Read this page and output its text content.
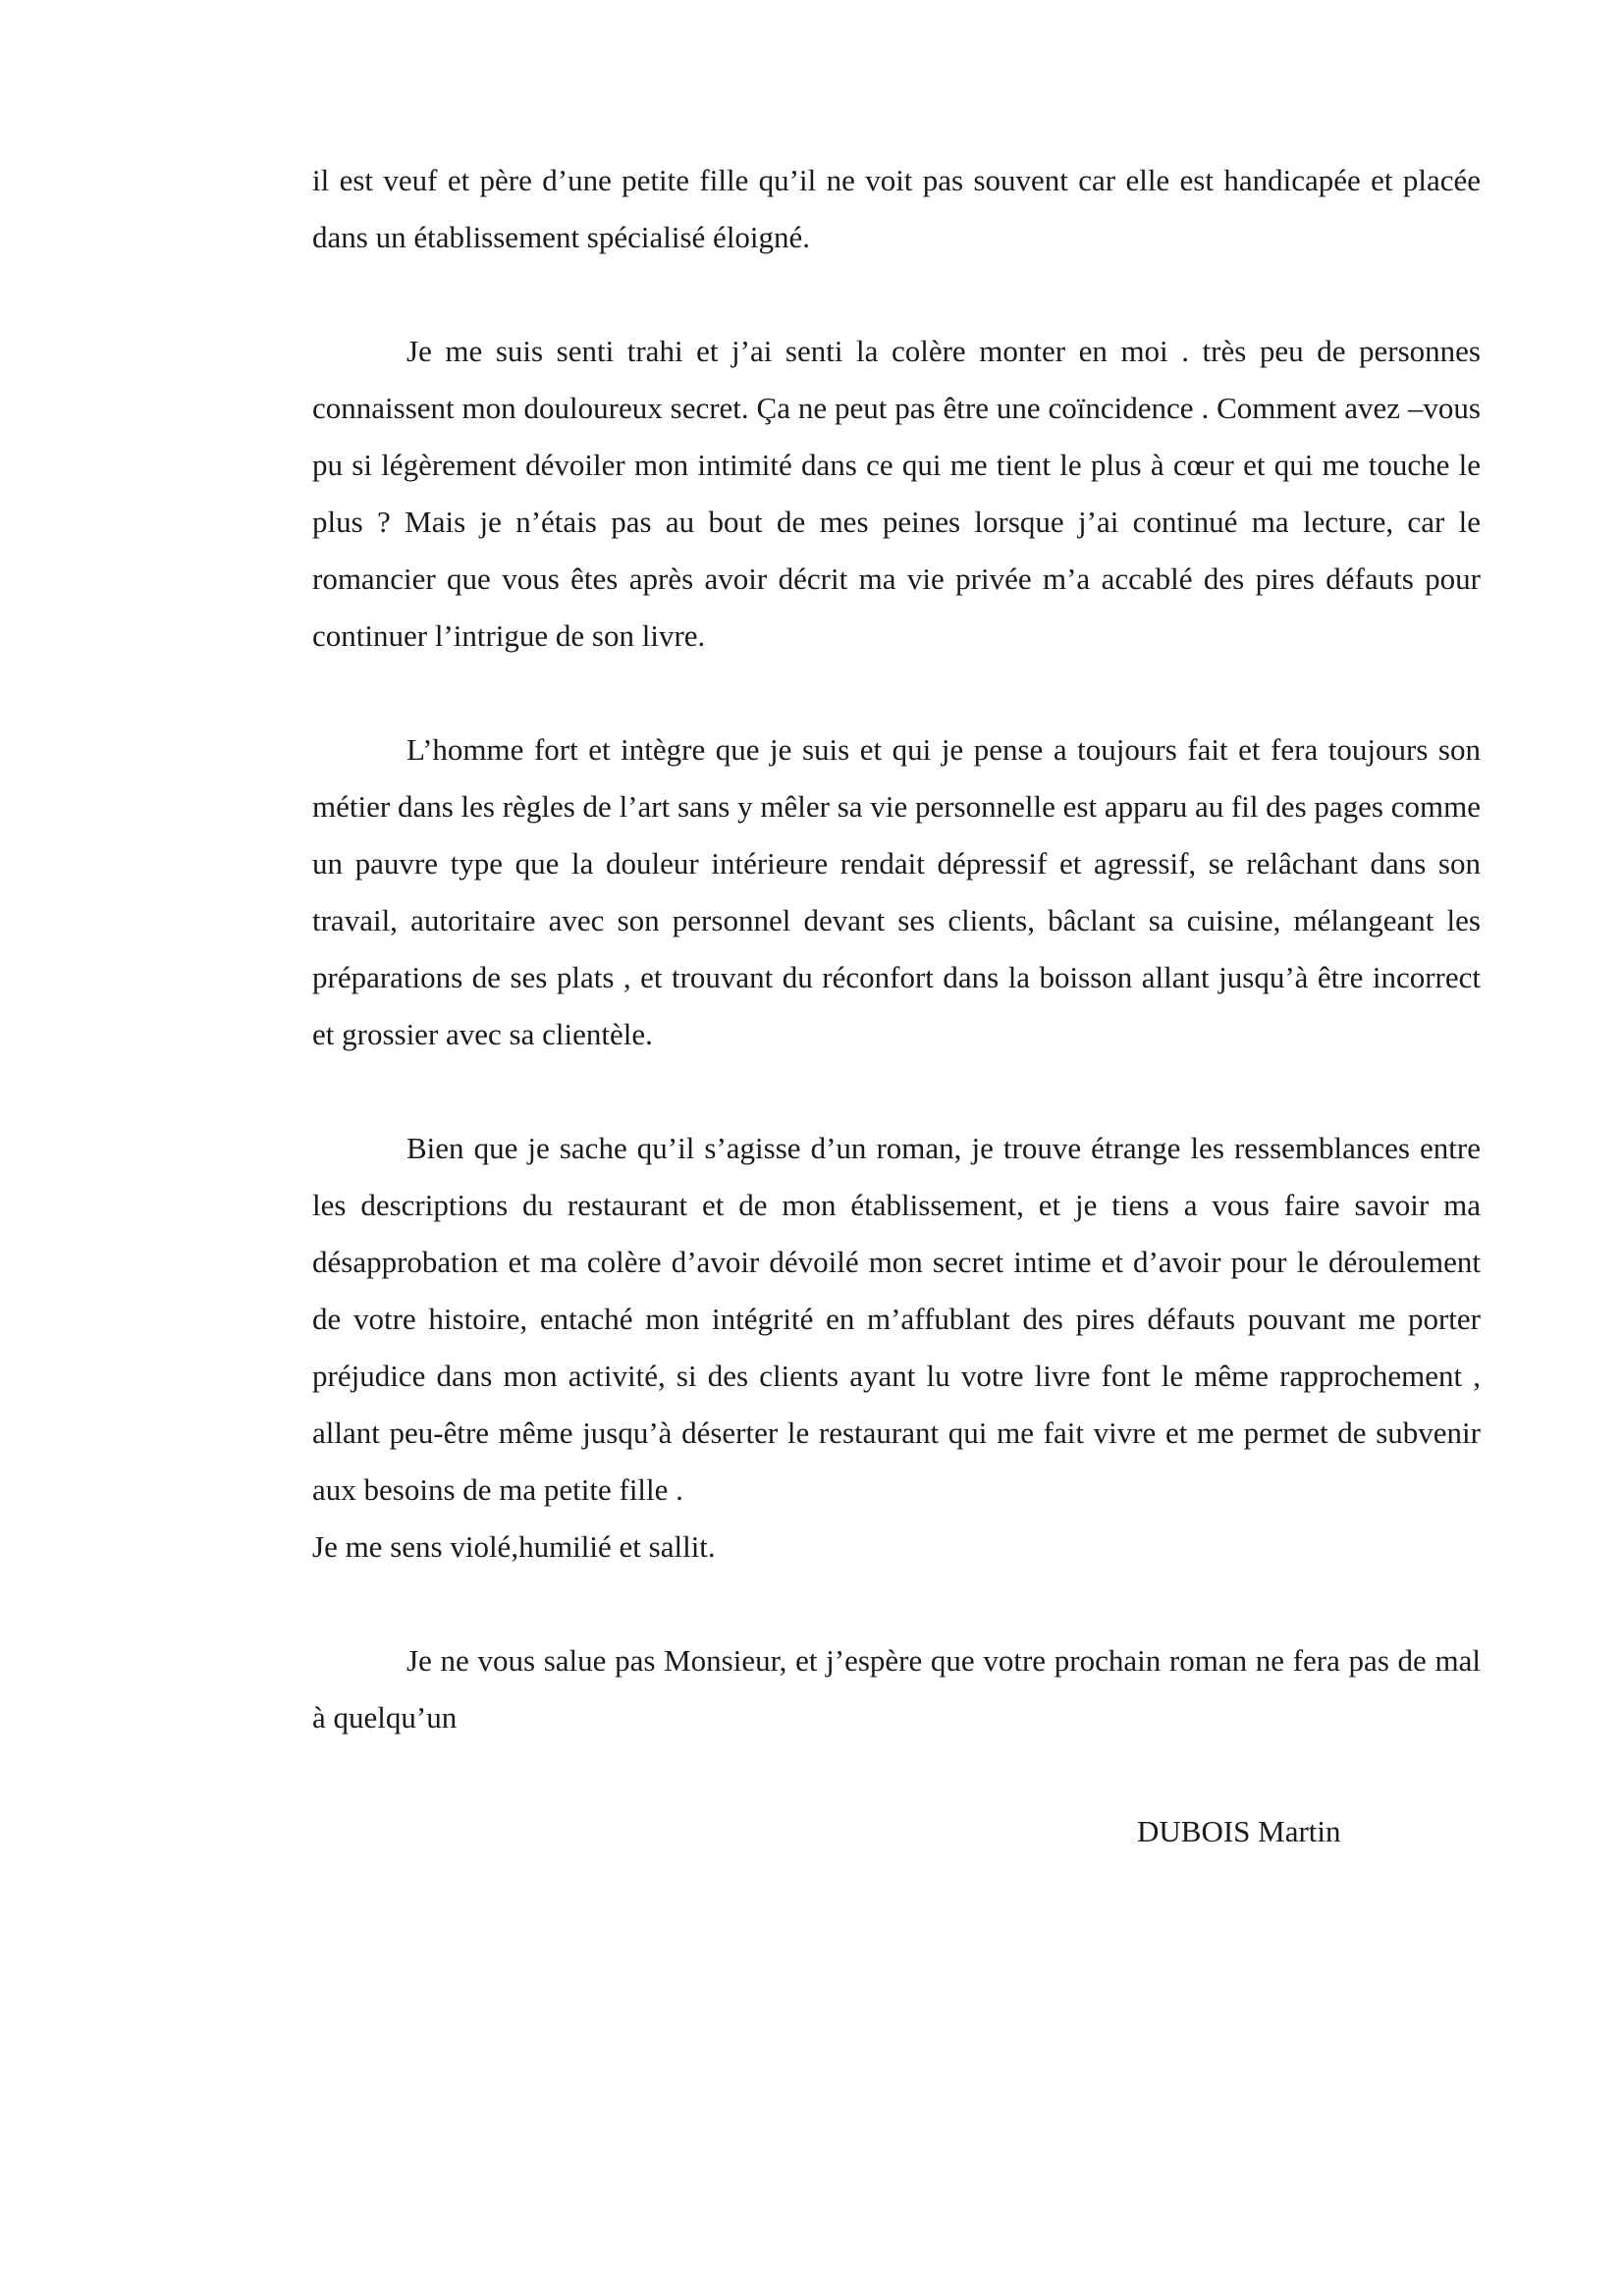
il est veuf et père d’une petite fille qu’il ne voit pas souvent car elle est handicapée et placée dans un établissement spécialisé éloigné.

Je me suis senti trahi et j’ai senti la colère monter en moi . très peu de personnes connaissent mon douloureux secret. Ça ne peut pas être une coïncidence . Comment avez –vous pu si légèrement dévoiler mon intimité dans ce qui me tient le plus à cœur et qui me touche le plus ? Mais je n’étais pas au bout de mes peines lorsque j’ai continué ma lecture, car le romancier que vous êtes après avoir décrit ma vie privée m’a accablé des pires défauts pour continuer l’intrigue de son livre.

L’homme fort et intègre que je suis et qui je pense a toujours fait et fera toujours son métier dans les règles de l’art sans y mêler sa vie personnelle est apparu au fil des pages comme un pauvre type que la douleur intérieure rendait dépressif et agressif, se relâchant dans son travail, autoritaire avec son personnel devant ses clients, bâclant sa cuisine, mélangeant les préparations de ses plats , et trouvant du réconfort dans la boisson allant jusqu’à être incorrect et grossier avec sa clientèle.

Bien que je sache qu’il s’agisse d’un roman, je trouve étrange les ressemblances entre les descriptions du restaurant et de mon établissement, et je tiens a vous faire savoir ma désapprobation et ma colère d’avoir dévoilé mon secret intime et d’avoir pour le déroulement de votre histoire, entaché mon intégrité en m’affublant des pires défauts pouvant me porter préjudice dans mon activité, si des clients ayant lu votre livre font le même rapprochement , allant peu-être même jusqu’à déserter le restaurant qui me fait vivre et me permet de subvenir aux besoins de ma petite fille .

Je me sens violé,humilié et sallit.

Je ne vous salue pas Monsieur, et j’espère que votre prochain roman ne fera pas de mal à quelqu’un

DUBOIS Martin
